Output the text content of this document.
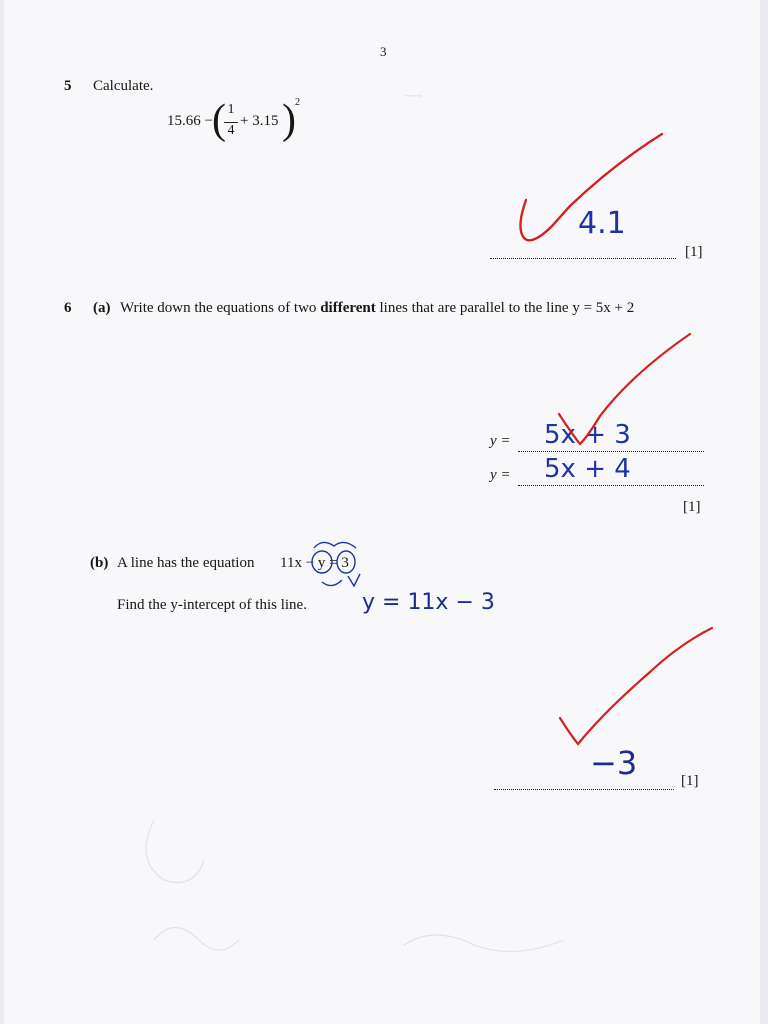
⟶
3
5 Calculate.
15.66 − ( 1
4
+ 3.15 ) 2
4.1
[1]
6 (a) Write down the equations of two different lines that are parallel to the line y = 5x + 2
y = 5x + 3
y = 5x + 4
[1]
(b) A line has the equation 11x − y = 3
Find the y-intercept of this line.	y = 11x − 3
−3	[1]
